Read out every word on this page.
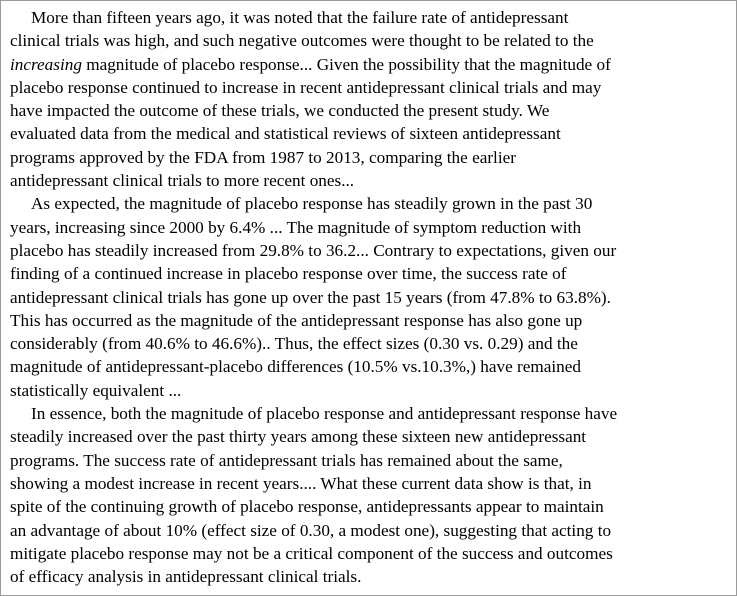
More than fifteen years ago, it was noted that the failure rate of antidepressant
clinical trials was high, and such negative outcomes were thought to be related to the
increasing magnitude of placebo response... Given the possibility that the magnitude of
placebo response continued to increase in recent antidepressant clinical trials and may
have impacted the outcome of these trials, we conducted the present study. We
evaluated data from the medical and statistical reviews of sixteen antidepressant
programs approved by the FDA from 1987 to 2013, comparing the earlier
antidepressant clinical trials to more recent ones...
As expected, the magnitude of placebo response has steadily grown in the past 30
years, increasing since 2000 by 6.4% ... The magnitude of symptom reduction with
placebo has steadily increased from 29.8% to 36.2... Contrary to expectations, given our
finding of a continued increase in placebo response over time, the success rate of
antidepressant clinical trials has gone up over the past 15 years (from 47.8% to 63.8%).
This has occurred as the magnitude of the antidepressant response has also gone up
considerably (from 40.6% to 46.6%).. Thus, the effect sizes (0.30 vs. 0.29) and the
magnitude of antidepressant-placebo differences (10.5% vs.10.3%,) have remained
statistically equivalent ...
In essence, both the magnitude of placebo response and antidepressant response have
steadily increased over the past thirty years among these sixteen new antidepressant
programs. The success rate of antidepressant trials has remained about the same,
showing a modest increase in recent years.... What these current data show is that, in
spite of the continuing growth of placebo response, antidepressants appear to maintain
an advantage of about 10% (effect size of 0.30, a modest one), suggesting that acting to
mitigate placebo response may not be a critical component of the success and outcomes
of efficacy analysis in antidepressant clinical trials.
